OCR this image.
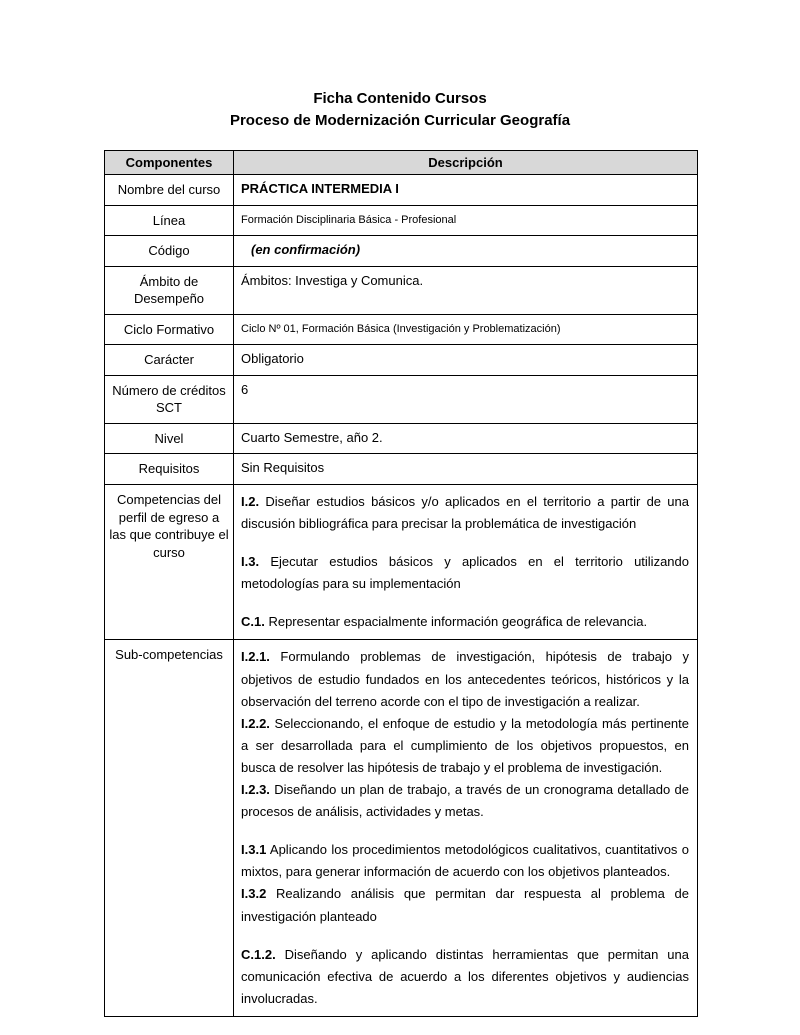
Ficha Contenido Cursos
Proceso de Modernización Curricular Geografía
Componentes	Descripción
Nombre del curso	PRÁCTICA INTERMEDIA I

Línea	Formación Disciplinaria Básica - Profesional

Código	(en confirmación)

Ámbito de Desempeño	Ámbitos: Investiga y Comunica.

Ciclo Formativo	Ciclo Nº 01, Formación Básica (Investigación y Problematización)

Carácter	Obligatorio

Número de créditos SCT	6

Nivel	Cuarto Semestre, año 2.

Requisitos	Sin Requisitos

Competencias del perfil de egreso a las que contribuye el curso	I.2. Diseñar estudios básicos y/o aplicados en el territorio a partir de una discusión bibliográfica para precisar la problemática de investigación

I.3. Ejecutar estudios básicos y aplicados en el territorio utilizando metodologías para su implementación

C.1. Representar espacialmente información geográfica de relevancia.

Sub-competencias	I.2.1. Formulando problemas de investigación, hipótesis de trabajo y objetivos de estudio fundados en los antecedentes teóricos, históricos y la observación del terreno acorde con el tipo de investigación a realizar.

I.2.2. Seleccionando, el enfoque de estudio y la metodología más pertinente a ser desarrollada para el cumplimiento de los objetivos propuestos, en busca de resolver las hipótesis de trabajo y el problema de investigación.

I.2.3. Diseñando un plan de trabajo, a través de un cronograma detallado de procesos de análisis, actividades y metas.

I.3.1 Aplicando los procedimientos metodológicos cualitativos, cuantitativos o mixtos, para generar información de acuerdo con los objetivos planteados.

I.3.2 Realizando análisis que permitan dar respuesta al problema de investigación planteado

C.1.2. Diseñando y aplicando distintas herramientas que permitan una comunicación efectiva de acuerdo a los diferentes objetivos y audiencias involucradas.
